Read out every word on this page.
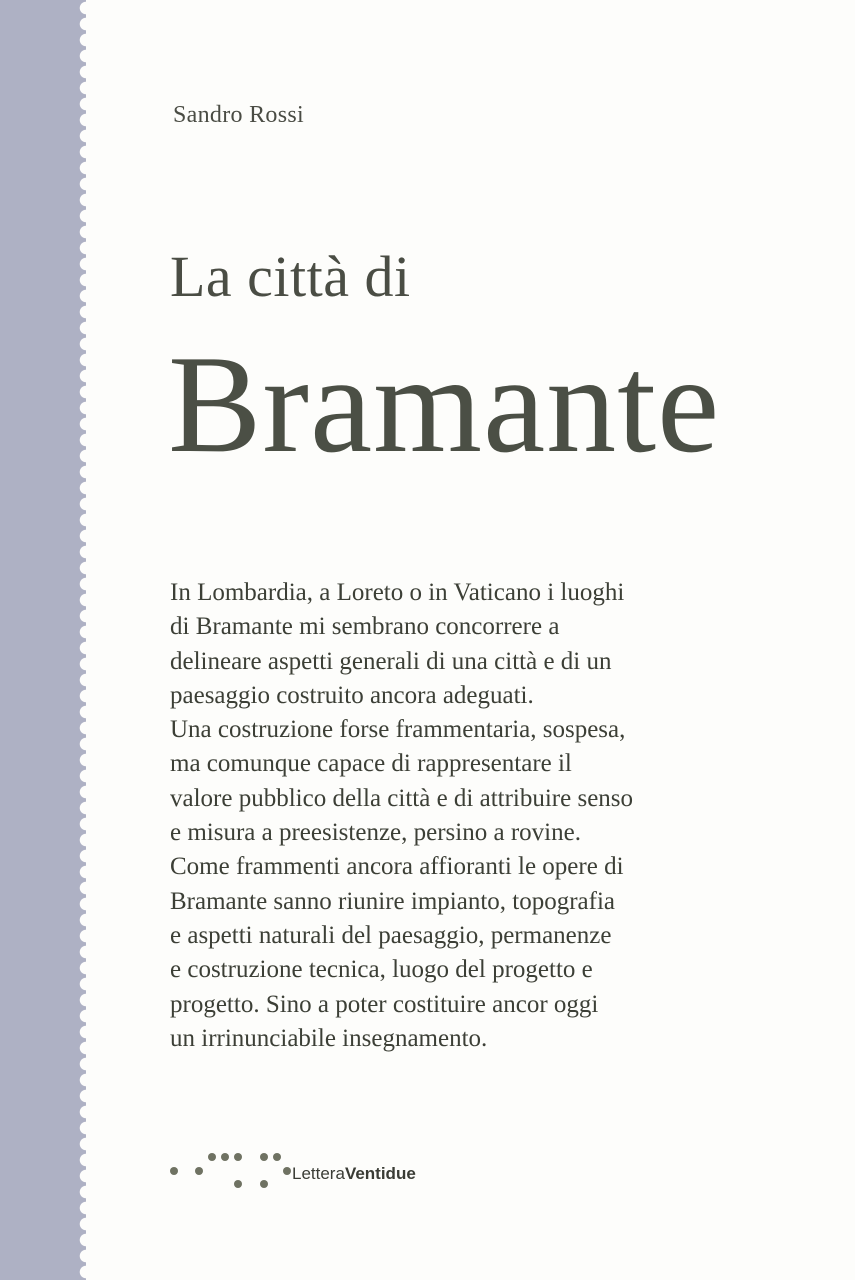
Sandro Rossi
La città di
Bramante
In Lombardia, a Loreto o in Vaticano i luoghi
di Bramante mi sembrano concorrere a
delineare aspetti generali di una città e di un
paesaggio costruito ancora adeguati.
Una costruzione forse frammentaria, sospesa,
ma comunque capace di rappresentare il
valore pubblico della città e di attribuire senso
e misura a preesistenze, persino a rovine.
Come frammenti ancora affioranti le opere di
Bramante sanno riunire impianto, topografia
e aspetti naturali del paesaggio, permanenze
e costruzione tecnica, luogo del progetto e
progetto. Sino a poter costituire ancor oggi
un irrinunciabile insegnamento.
LetteraVentidue
